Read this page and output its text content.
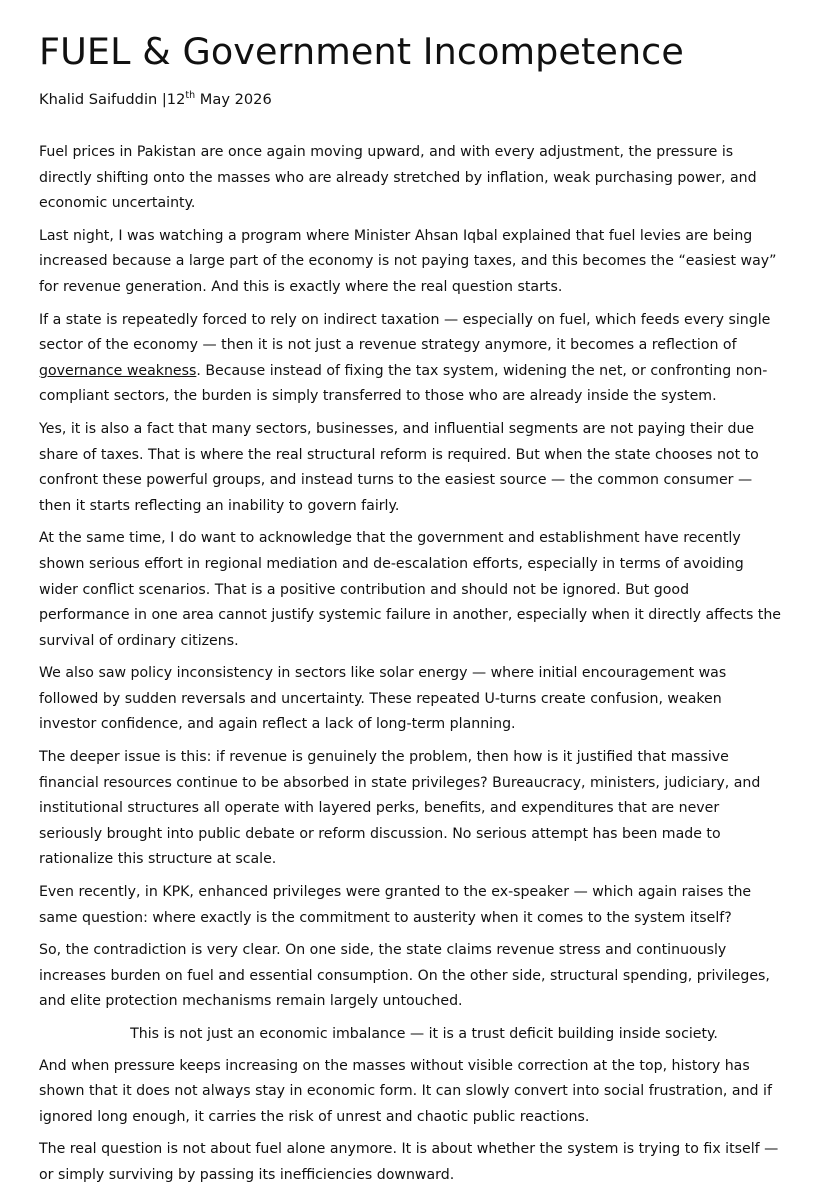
FUEL & Government Incompetence
Khalid Saifuddin |12th May 2026

Fuel prices in Pakistan are once again moving upward, and with every adjustment, the pressure is
directly shifting onto the masses who are already stretched by inflation, weak purchasing power, and
economic uncertainty.

Last night, I was watching a program where Minister Ahsan Iqbal explained that fuel levies are being
increased because a large part of the economy is not paying taxes, and this becomes the “easiest way”
for revenue generation. And this is exactly where the real question starts.

If a state is repeatedly forced to rely on indirect taxation — especially on fuel, which feeds every single
sector of the economy — then it is not just a revenue strategy anymore, it becomes a reflection of
governance weakness. Because instead of fixing the tax system, widening the net, or confronting non-
compliant sectors, the burden is simply transferred to those who are already inside the system.

Yes, it is also a fact that many sectors, businesses, and influential segments are not paying their due
share of taxes. That is where the real structural reform is required. But when the state chooses not to
confront these powerful groups, and instead turns to the easiest source — the common consumer —
then it starts reflecting an inability to govern fairly.

At the same time, I do want to acknowledge that the government and establishment have recently
shown serious effort in regional mediation and de-escalation efforts, especially in terms of avoiding
wider conflict scenarios. That is a positive contribution and should not be ignored. But good
performance in one area cannot justify systemic failure in another, especially when it directly affects the
survival of ordinary citizens.

We also saw policy inconsistency in sectors like solar energy — where initial encouragement was
followed by sudden reversals and uncertainty. These repeated U-turns create confusion, weaken
investor confidence, and again reflect a lack of long-term planning.

The deeper issue is this: if revenue is genuinely the problem, then how is it justified that massive
financial resources continue to be absorbed in state privileges? Bureaucracy, ministers, judiciary, and
institutional structures all operate with layered perks, benefits, and expenditures that are never
seriously brought into public debate or reform discussion. No serious attempt has been made to
rationalize this structure at scale.

Even recently, in KPK, enhanced privileges were granted to the ex-speaker — which again raises the
same question: where exactly is the commitment to austerity when it comes to the system itself?

So, the contradiction is very clear. On one side, the state claims revenue stress and continuously
increases burden on fuel and essential consumption. On the other side, structural spending, privileges,
and elite protection mechanisms remain largely untouched.

This is not just an economic imbalance — it is a trust deficit building inside society.

And when pressure keeps increasing on the masses without visible correction at the top, history has
shown that it does not always stay in economic form. It can slowly convert into social frustration, and if
ignored long enough, it carries the risk of unrest and chaotic public reactions.

The real question is not about fuel alone anymore. It is about whether the system is trying to fix itself —
or simply surviving by passing its inefficiencies downward.
